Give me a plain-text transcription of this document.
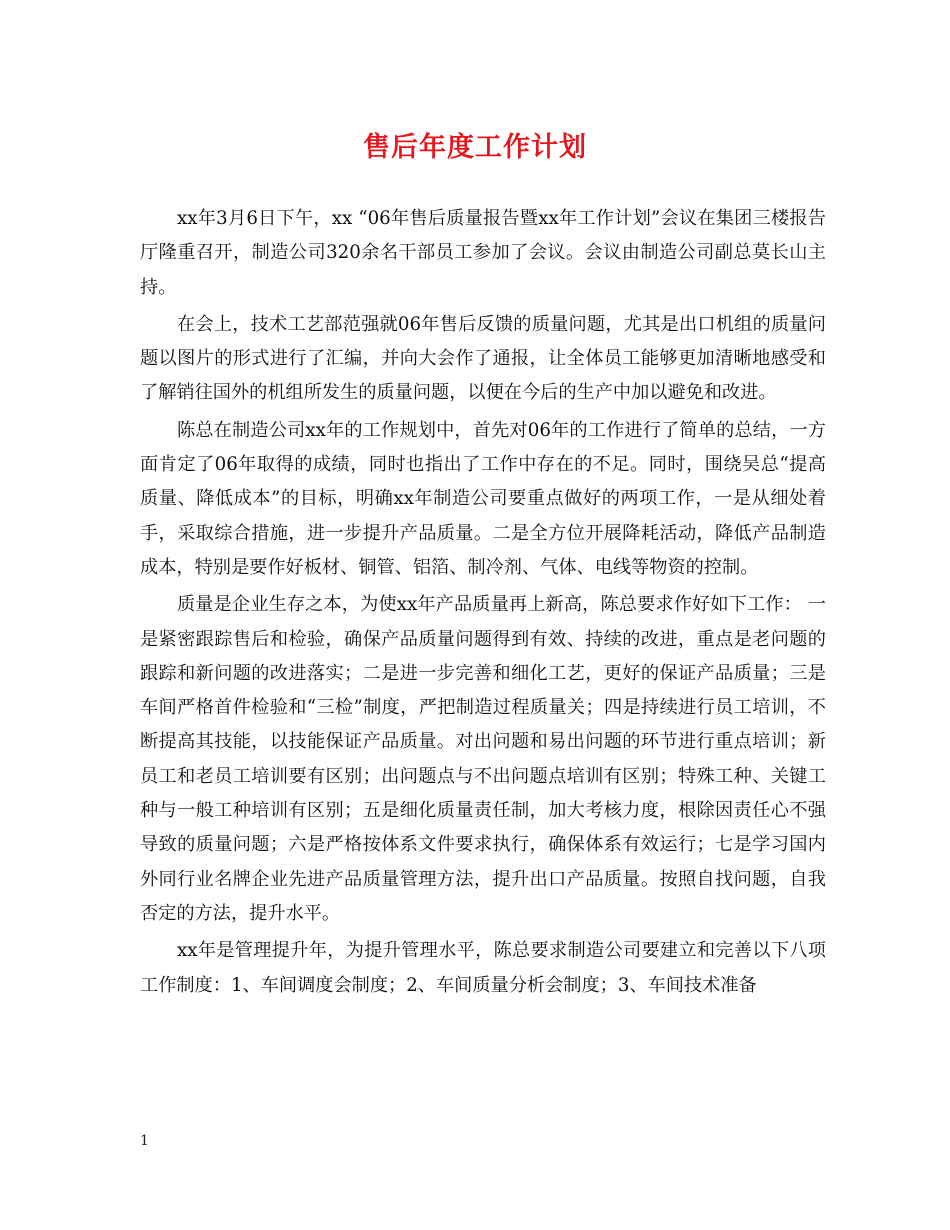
售后年度工作计划

xx年3月6日下午，xx “06年售后质量报告暨xx年工作计划”会议在集团三楼报告厅隆重召开，制造公司320余名干部员工参加了会议。会议由制造公司副总莫长山主持。

在会上，技术工艺部范强就06年售后反馈的质量问题，尤其是出口机组的质量问题以图片的形式进行了汇编，并向大会作了通报，让全体员工能够更加清晰地感受和了解销往国外的机组所发生的质量问题，以便在今后的生产中加以避免和改进。

陈总在制造公司xx年的工作规划中，首先对06年的工作进行了简单的总结，一方面肯定了06年取得的成绩，同时也指出了工作中存在的不足。同时，围绕吴总“提高质量、降低成本”的目标，明确xx年制造公司要重点做好的两项工作，一是从细处着手，采取综合措施，进一步提升产品质量。二是全方位开展降耗活动，降低产品制造成本，特别是要作好板材、铜管、铝箔、制冷剂、气体、电线等物资的控制。

质量是企业生存之本，为使xx年产品质量再上新高，陈总要求作好如下工作： 一是紧密跟踪售后和检验，确保产品质量问题得到有效、持续的改进，重点是老问题的跟踪和新问题的改进落实；二是进一步完善和细化工艺，更好的保证产品质量；三是车间严格首件检验和“三检”制度，严把制造过程质量关；四是持续进行员工培训，不断提高其技能，以技能保证产品质量。对出问题和易出问题的环节进行重点培训；新员工和老员工培训要有区别；出问题点与不出问题点培训有区别；特殊工种、关键工种与一般工种培训有区别；五是细化质量责任制，加大考核力度，根除因责任心不强导致的质量问题；六是严格按体系文件要求执行，确保体系有效运行；七是学习国内外同行业名牌企业先进产品质量管理方法，提升出口产品质量。按照自找问题，自我否定的方法，提升水平。

xx年是管理提升年，为提升管理水平，陈总要求制造公司要建立和完善以下八项工作制度：1、车间调度会制度；2、车间质量分析会制度；3、车间技术准备

1
